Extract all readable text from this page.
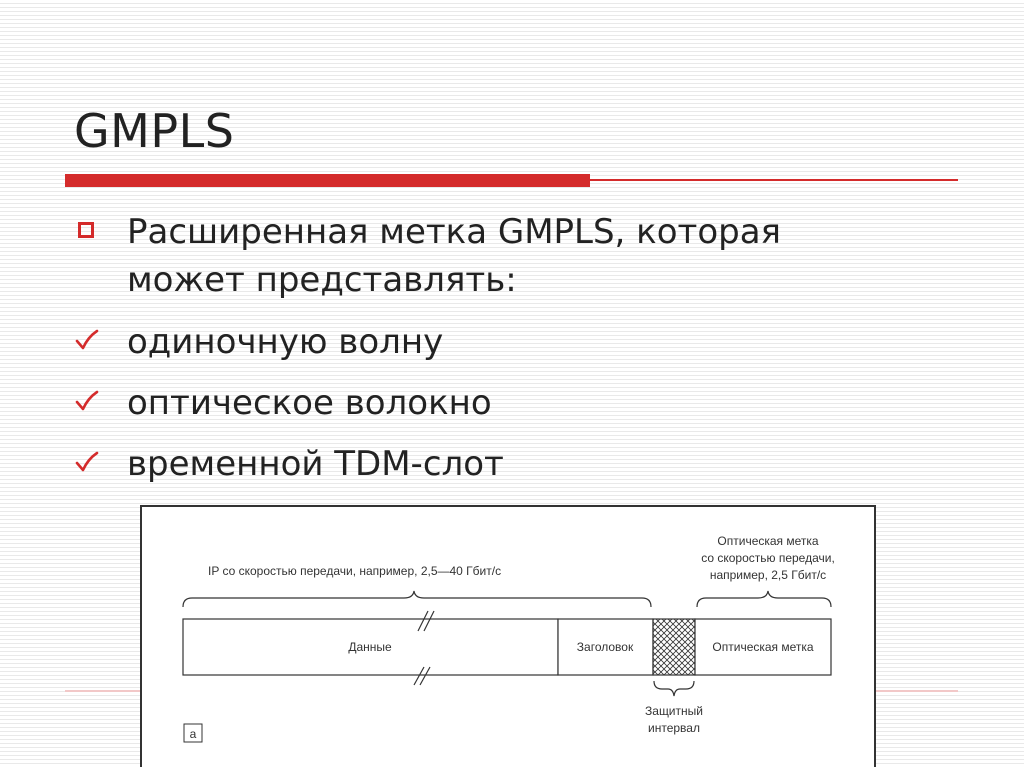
GMPLS
Расширенная метка GMPLS, которая
может представлять:
одиночную волну
оптическое волокно
временной TDM-слот
IP со скоростью передачи, например, 2,5—40 Гбит/с
Оптическая метка
со скоростью передачи,
например, 2,5 Гбит/с
Данные	Заголовок	Оптическая метка
Защитный
интервал
а
